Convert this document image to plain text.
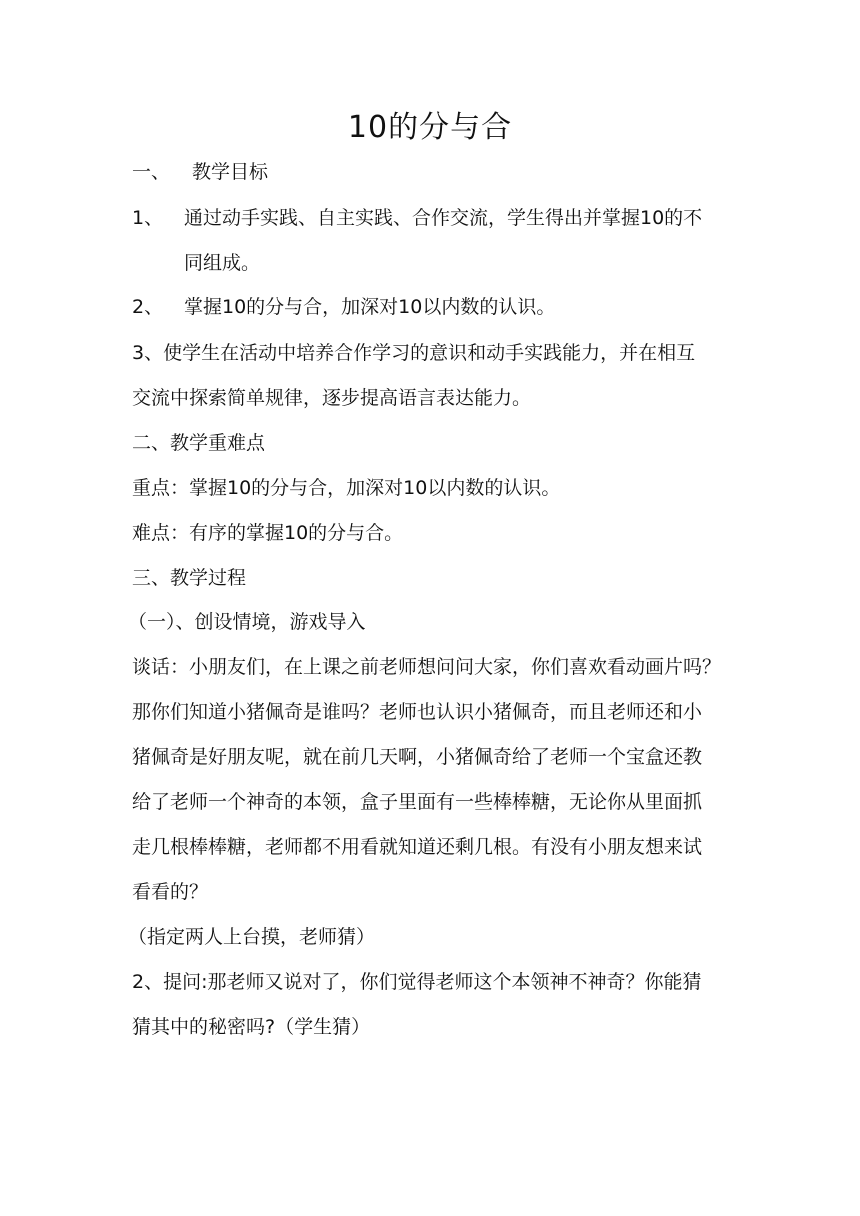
10的分与合
一、 教学目标
1、 通过动手实践、自主实践、合作交流，学生得出并掌握10的不
同组成。
2、 掌握10的分与合，加深对10以内数的认识。
3、使学生在活动中培养合作学习的意识和动手实践能力，并在相互
交流中探索简单规律，逐步提高语言表达能力。
二、教学重难点
重点：掌握10的分与合，加深对10以内数的认识。
难点：有序的掌握10的分与合。
三、教学过程
（一）、创设情境，游戏导入
谈话：小朋友们，在上课之前老师想问问大家，你们喜欢看动画片吗？
那你们知道小猪佩奇是谁吗？老师也认识小猪佩奇，而且老师还和小
猪佩奇是好朋友呢，就在前几天啊，小猪佩奇给了老师一个宝盒还教
给了老师一个神奇的本领，盒子里面有一些棒棒糖，无论你从里面抓
走几根棒棒糖，老师都不用看就知道还剩几根。有没有小朋友想来试
看看的？
（指定两人上台摸，老师猜）
2、提问:那老师又说对了，你们觉得老师这个本领神不神奇？你能猜
猜其中的秘密吗?（学生猜）
